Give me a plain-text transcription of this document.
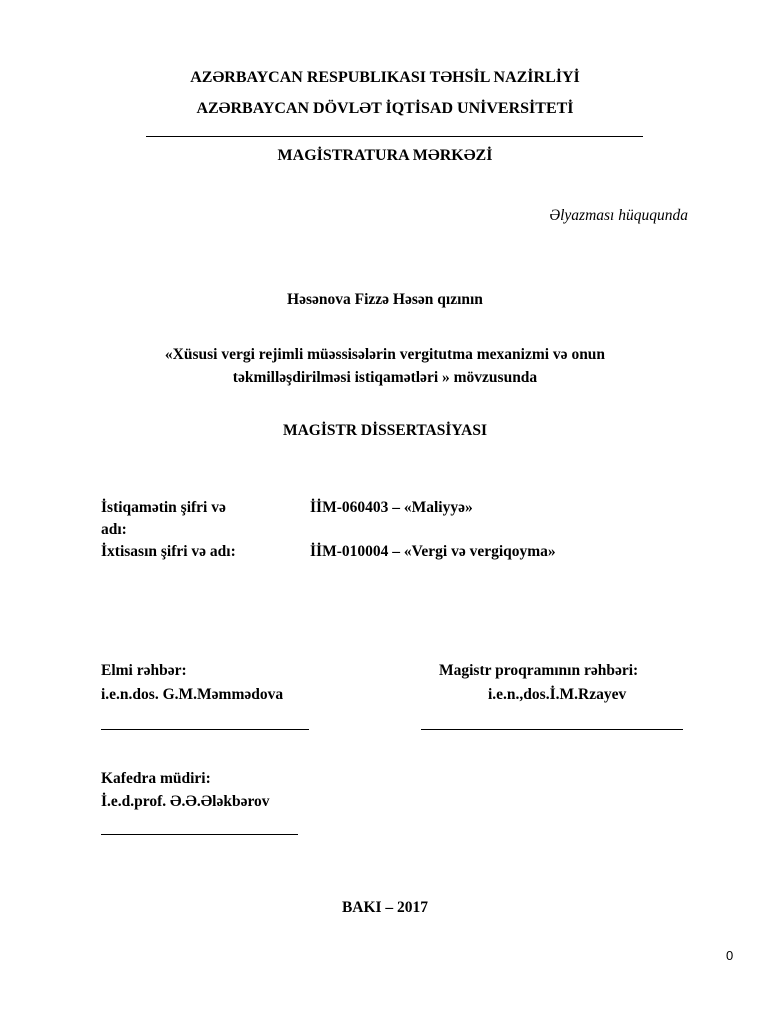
AZƏRBAYCAN RESPUBLIKASI TƏHSİL NAZİRLİYİ
AZƏRBAYCAN DÖVLƏT İQTİSAD UNİVERSİTETİ
MAGİSTRATURA MƏRKƏZİ
Əlyazması hüququnda
Həsənova Fizzə Həsən qızının
«Xüsusi vergi rejimli müəssisələrin vergitutma mexanizmi və onun
təkmilləşdirilməsi istiqamətləri » mövzusunda
MAGİSTR DİSSERTASİYASI
İstiqamətin şifri və
adı:
İİM-060403 – «Maliyyə»
İxtisasın şifri və adı:	İİM-010004 – «Vergi və vergiqoyma»
Elmi rəhbər:
i.e.n.dos. G.M.Məmmədova
Magistr proqramının rəhbəri:
i.e.n.,dos.İ.M.Rzayev
Kafedra müdiri:
İ.e.d.prof. Ə.Ə.Ələkbərov
BAKI – 2017
0
